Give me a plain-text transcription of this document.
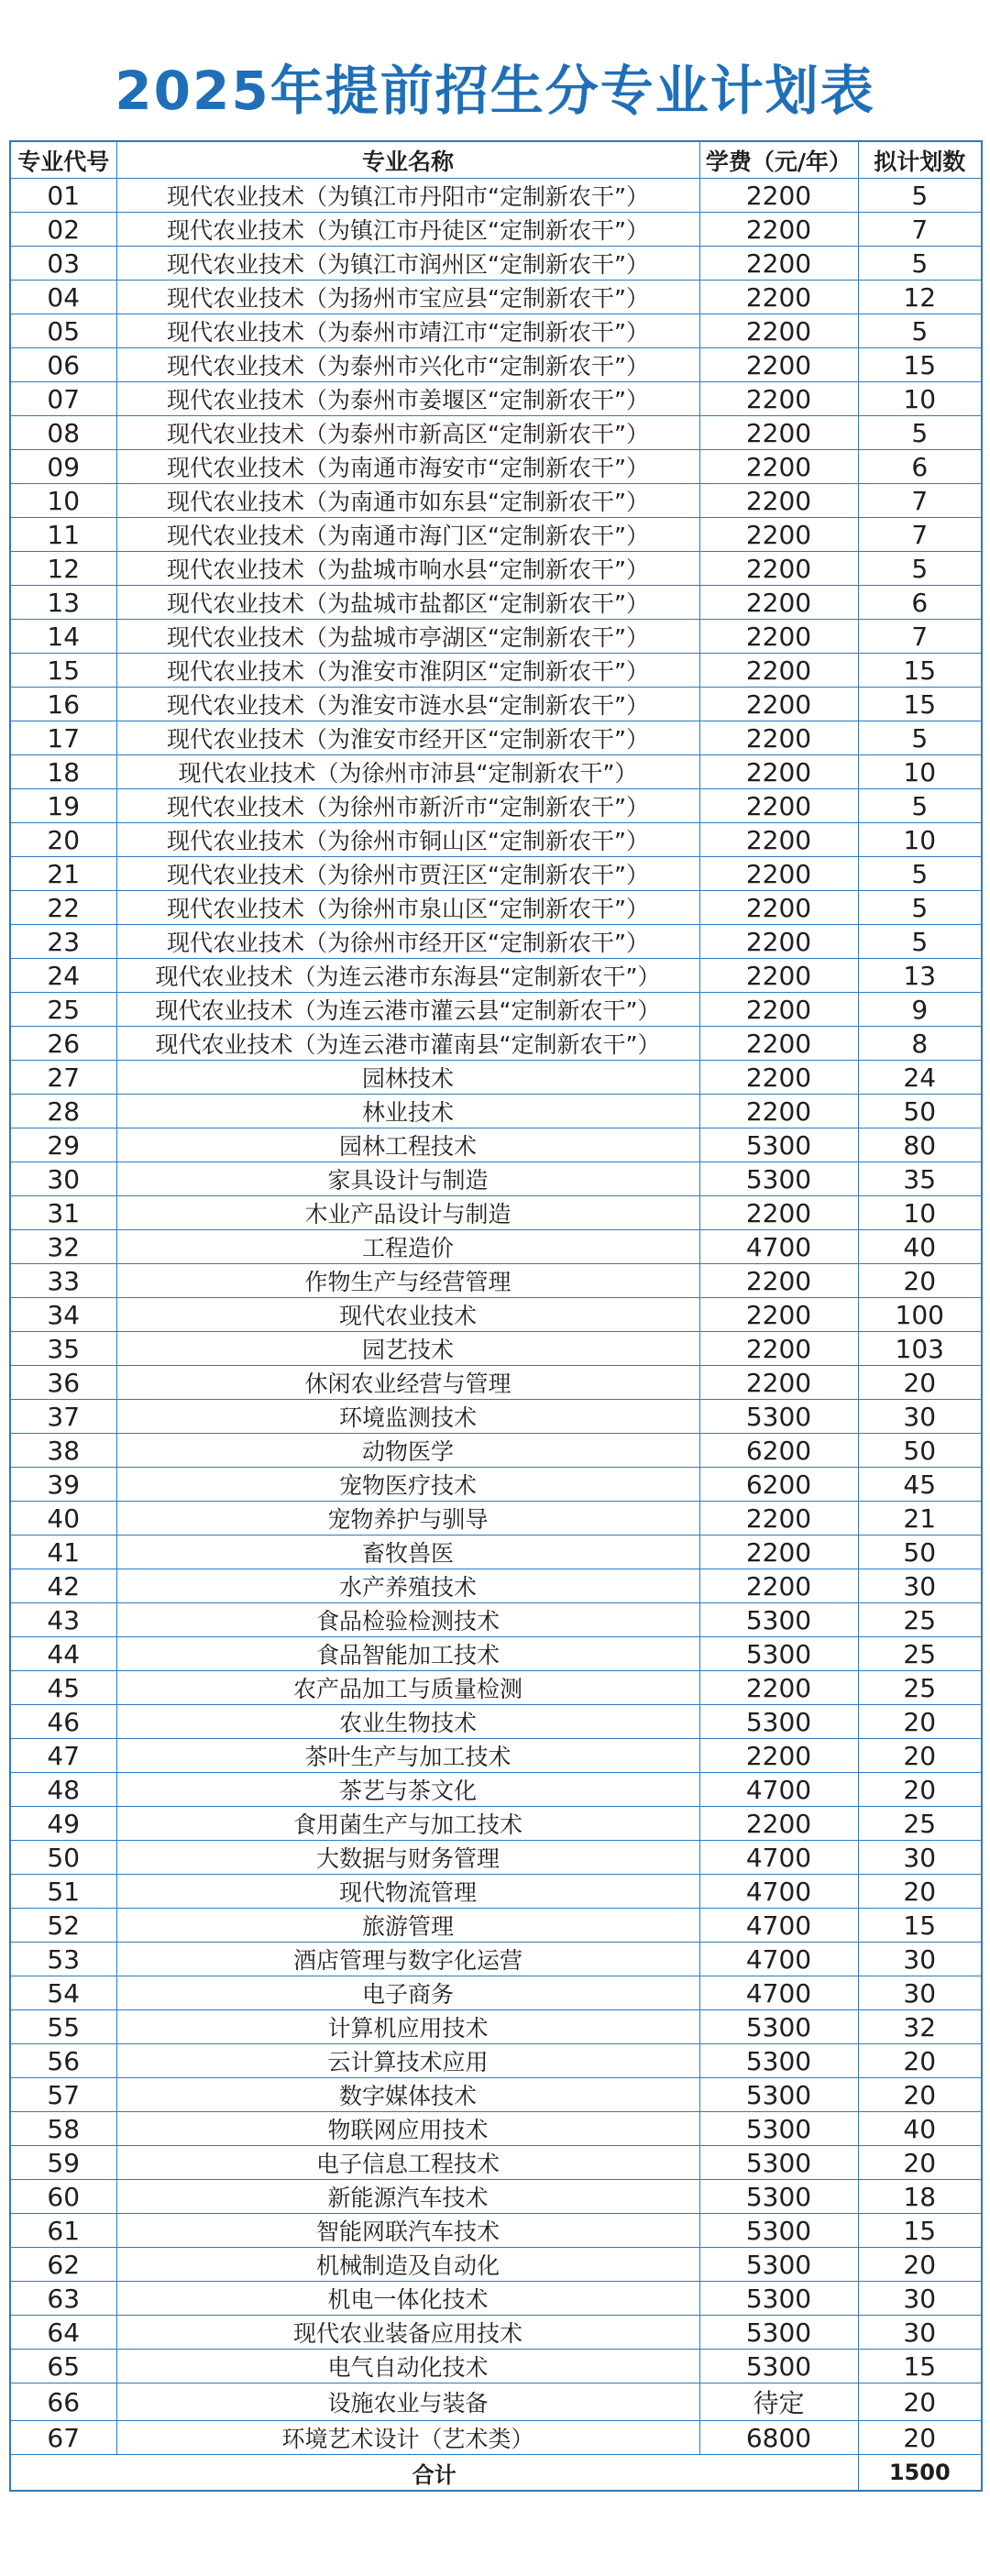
2025年提前招生分专业计划表
专业代号	专业名称	学费（元/年）	拟计划数
01	现代农业技术（为镇江市丹阳市“定制新农干”）	2200	5
02	现代农业技术（为镇江市丹徒区“定制新农干”）	2200	7
03	现代农业技术（为镇江市润州区“定制新农干”）	2200	5
04	现代农业技术（为扬州市宝应县“定制新农干”）	2200	12
05	现代农业技术（为泰州市靖江市“定制新农干”）	2200	5
06	现代农业技术（为泰州市兴化市“定制新农干”）	2200	15
07	现代农业技术（为泰州市姜堰区“定制新农干”）	2200	10
08	现代农业技术（为泰州市新高区“定制新农干”）	2200	5
09	现代农业技术（为南通市海安市“定制新农干”）	2200	6
10	现代农业技术（为南通市如东县“定制新农干”）	2200	7
11	现代农业技术（为南通市海门区“定制新农干”）	2200	7
12	现代农业技术（为盐城市响水县“定制新农干”）	2200	5
13	现代农业技术（为盐城市盐都区“定制新农干”）	2200	6
14	现代农业技术（为盐城市亭湖区“定制新农干”）	2200	7
15	现代农业技术（为淮安市淮阴区“定制新农干”）	2200	15
16	现代农业技术（为淮安市涟水县“定制新农干”）	2200	15
17	现代农业技术（为淮安市经开区“定制新农干”）	2200	5
18	现代农业技术（为徐州市沛县“定制新农干”）	2200	10
19	现代农业技术（为徐州市新沂市“定制新农干”）	2200	5
20	现代农业技术（为徐州市铜山区“定制新农干”）	2200	10
21	现代农业技术（为徐州市贾汪区“定制新农干”）	2200	5
22	现代农业技术（为徐州市泉山区“定制新农干”）	2200	5
23	现代农业技术（为徐州市经开区“定制新农干”）	2200	5
24	现代农业技术（为连云港市东海县“定制新农干”）	2200	13
25	现代农业技术（为连云港市灌云县“定制新农干”）	2200	9
26	现代农业技术（为连云港市灌南县“定制新农干”）	2200	8
27	园林技术	2200	24
28	林业技术	2200	50
29	园林工程技术	5300	80
30	家具设计与制造	5300	35
31	木业产品设计与制造	2200	10
32	工程造价	4700	40
33	作物生产与经营管理	2200	20
34	现代农业技术	2200	100
35	园艺技术	2200	103
36	休闲农业经营与管理	2200	20
37	环境监测技术	5300	30
38	动物医学	6200	50
39	宠物医疗技术	6200	45
40	宠物养护与驯导	2200	21
41	畜牧兽医	2200	50
42	水产养殖技术	2200	30
43	食品检验检测技术	5300	25
44	食品智能加工技术	5300	25
45	农产品加工与质量检测	2200	25
46	农业生物技术	5300	20
47	茶叶生产与加工技术	2200	20
48	茶艺与茶文化	4700	20
49	食用菌生产与加工技术	2200	25
50	大数据与财务管理	4700	30
51	现代物流管理	4700	20
52	旅游管理	4700	15
53	酒店管理与数字化运营	4700	30
54	电子商务	4700	30
55	计算机应用技术	5300	32
56	云计算技术应用	5300	20
57	数字媒体技术	5300	20
58	物联网应用技术	5300	40
59	电子信息工程技术	5300	20
60	新能源汽车技术	5300	18
61	智能网联汽车技术	5300	15
62	机械制造及自动化	5300	20
63	机电一体化技术	5300	30
64	现代农业装备应用技术	5300	30
65	电气自动化技术	5300	15
66	设施农业与装备	待定	20
67	环境艺术设计（艺术类）	6800	20
合计			1500
